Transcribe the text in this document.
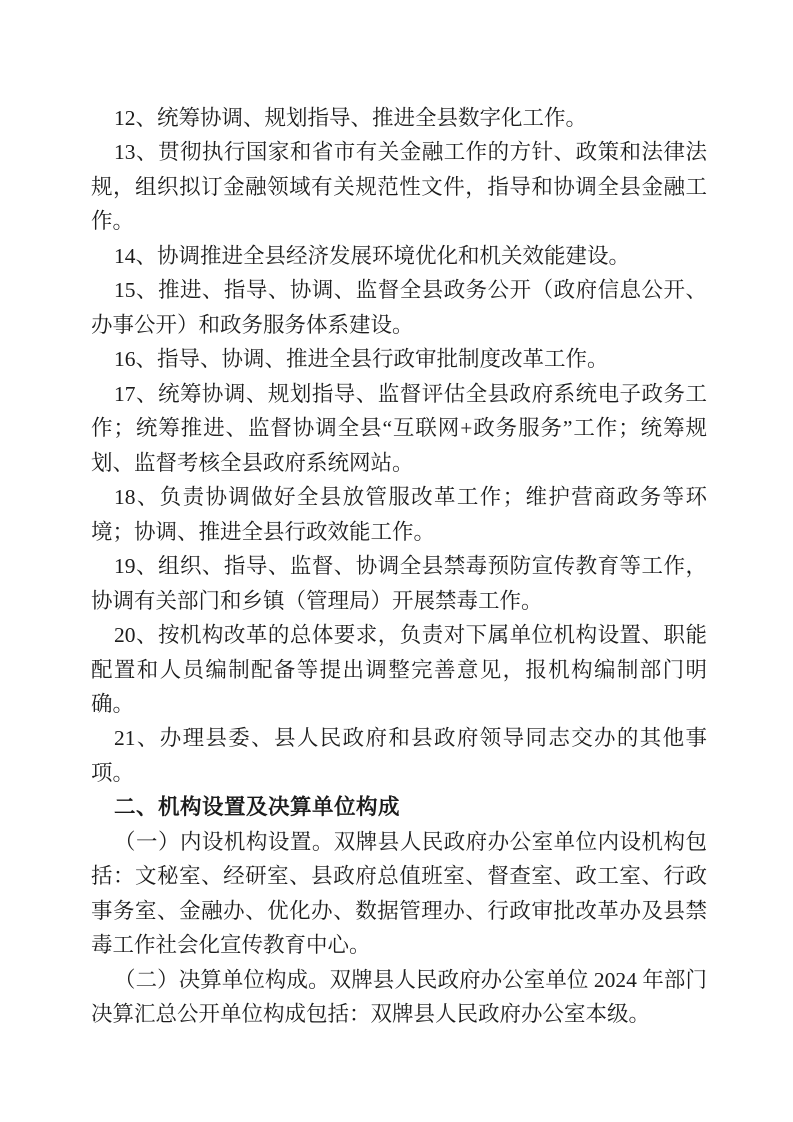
12、统筹协调、规划指导、推进全县数字化工作。

13、贯彻执行国家和省市有关金融工作的方针、政策和法律法规，组织拟订金融领域有关规范性文件，指导和协调全县金融工作。

14、协调推进全县经济发展环境优化和机关效能建设。

15、推进、指导、协调、监督全县政务公开（政府信息公开、办事公开）和政务服务体系建设。

16、指导、协调、推进全县行政审批制度改革工作。

17、统筹协调、规划指导、监督评估全县政府系统电子政务工作；统筹推进、监督协调全县“互联网+政务服务”工作；统筹规划、监督考核全县政府系统网站。

18、负责协调做好全县放管服改革工作；维护营商政务等环境；协调、推进全县行政效能工作。

19、组织、指导、监督、协调全县禁毒预防宣传教育等工作，协调有关部门和乡镇（管理局）开展禁毒工作。

20、按机构改革的总体要求，负责对下属单位机构设置、职能配置和人员编制配备等提出调整完善意见，报机构编制部门明确。

21、办理县委、县人民政府和县政府领导同志交办的其他事项。

二、机构设置及决算单位构成

（一）内设机构设置。双牌县人民政府办公室单位内设机构包括：文秘室、经研室、县政府总值班室、督查室、政工室、行政事务室、金融办、优化办、数据管理办、行政审批改革办及县禁毒工作社会化宣传教育中心。

（二）决算单位构成。双牌县人民政府办公室单位 2024 年部门决算汇总公开单位构成包括：双牌县人民政府办公室本级。
